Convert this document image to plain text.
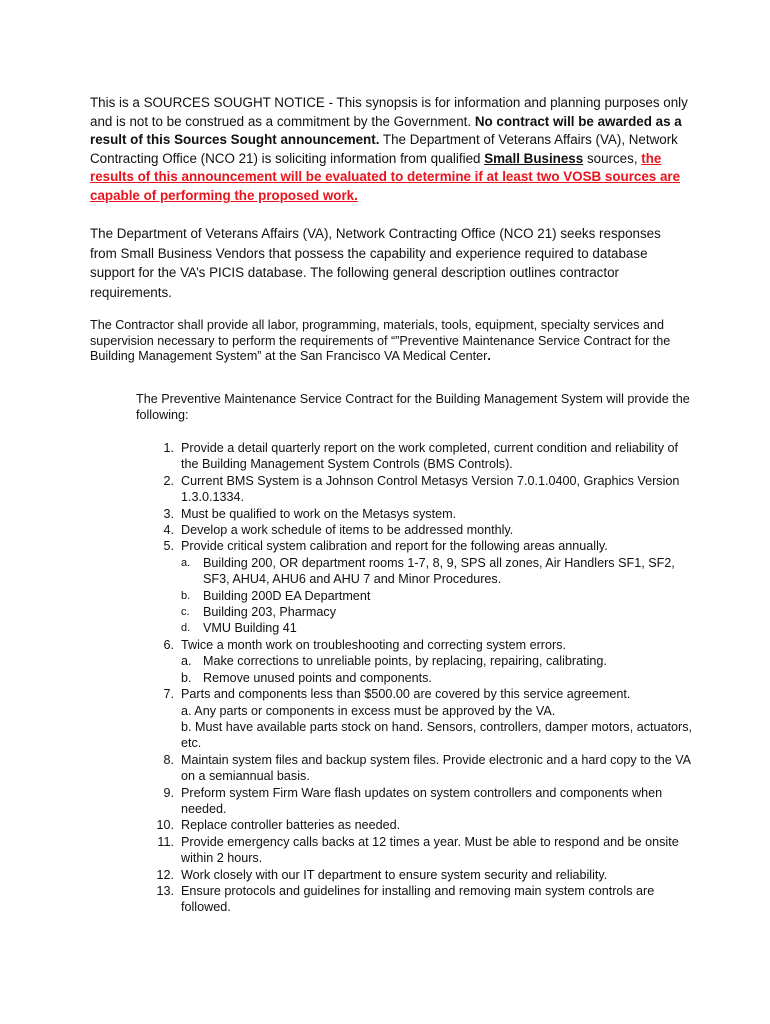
This is a SOURCES SOUGHT NOTICE - This synopsis is for information and planning purposes only and is not to be construed as a commitment by the Government. No contract will be awarded as a result of this Sources Sought announcement. The Department of Veterans Affairs (VA), Network Contracting Office (NCO 21) is soliciting information from qualified Small Business sources, the results of this announcement will be evaluated to determine if at least two VOSB sources are capable of performing the proposed work.

The Department of Veterans Affairs (VA), Network Contracting Office (NCO 21) seeks responses from Small Business Vendors that possess the capability and experience required to database support for the VA’s PICIS database. The following general description outlines contractor requirements.

The Contractor shall provide all labor, programming, materials, tools, equipment, specialty services and supervision necessary to perform the requirements of “”Preventive Maintenance Service Contract for the Building Management System” at the San Francisco VA Medical Center.

The Preventive Maintenance Service Contract for the Building Management System will provide the following:

1. Provide a detail quarterly report on the work completed, current condition and reliability of the Building Management System Controls (BMS Controls).
2. Current BMS System is a Johnson Control Metasys Version 7.0.1.0400, Graphics Version 1.3.0.1334.
3. Must be qualified to work on the Metasys system.
4. Develop a work schedule of items to be addressed monthly.
5. Provide critical system calibration and report for the following areas annually.
a. Building 200, OR department rooms 1-7, 8, 9, SPS all zones, Air Handlers SF1, SF2, SF3, AHU4, AHU6 and AHU 7 and Minor Procedures.
b. Building 200D EA Department
c. Building 203, Pharmacy
d. VMU Building 41
6. Twice a month work on troubleshooting and correcting system errors.
a. Make corrections to unreliable points, by replacing, repairing, calibrating.
b. Remove unused points and components.
7. Parts and components less than $500.00 are covered by this service agreement.
a. Any parts or components in excess must be approved by the VA.
b. Must have available parts stock on hand. Sensors, controllers, damper motors, actuators, etc.
8. Maintain system files and backup system files. Provide electronic and a hard copy to the VA on a semiannual basis.
9. Preform system Firm Ware flash updates on system controllers and components when needed.
10. Replace controller batteries as needed.
11. Provide emergency calls backs at 12 times a year. Must be able to respond and be onsite within 2 hours.
12. Work closely with our IT department to ensure system security and reliability.
13. Ensure protocols and guidelines for installing and removing main system controls are followed.
